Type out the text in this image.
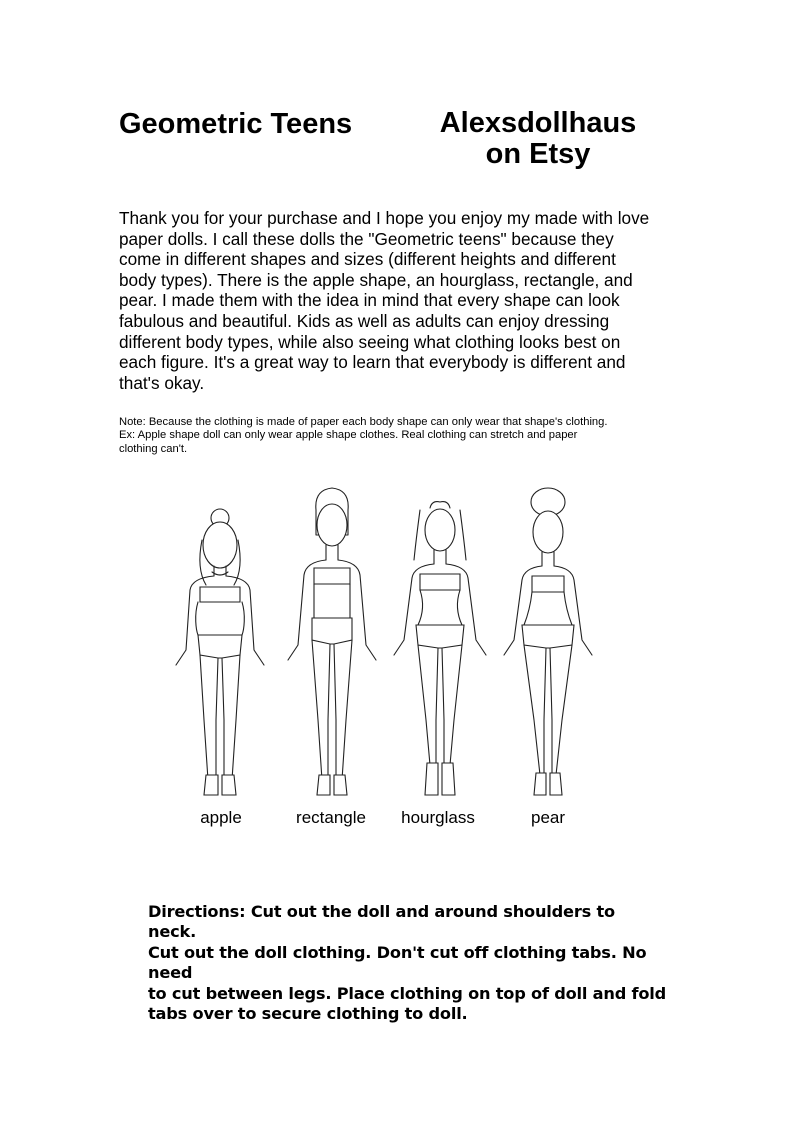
Geometric Teens	Alexsdollhaus
on Etsy
Thank you for your purchase and I hope you enjoy my made with love
paper dolls. I call these dolls the "Geometric teens" because they
come in different shapes and sizes (different heights and different
body types). There is the apple shape, an hourglass, rectangle, and
pear. I made them with the idea in mind that every shape can look
fabulous and beautiful. Kids as well as adults can enjoy dressing
different body types, while also seeing what clothing looks best on
each figure. It's a great way to learn that everybody is different and
that's okay.
Note: Because the clothing is made of paper each body shape can only wear that shape's clothing.
Ex: Apple shape doll can only wear apple shape clothes. Real clothing can stretch and paper
clothing can't.
apple	rectangle	hourglass	pear
Directions: Cut out the doll and around shoulders to neck.
Cut out the doll clothing. Don't cut off clothing tabs. No need
to cut between legs. Place clothing on top of doll and fold
tabs over to secure clothing to doll.
